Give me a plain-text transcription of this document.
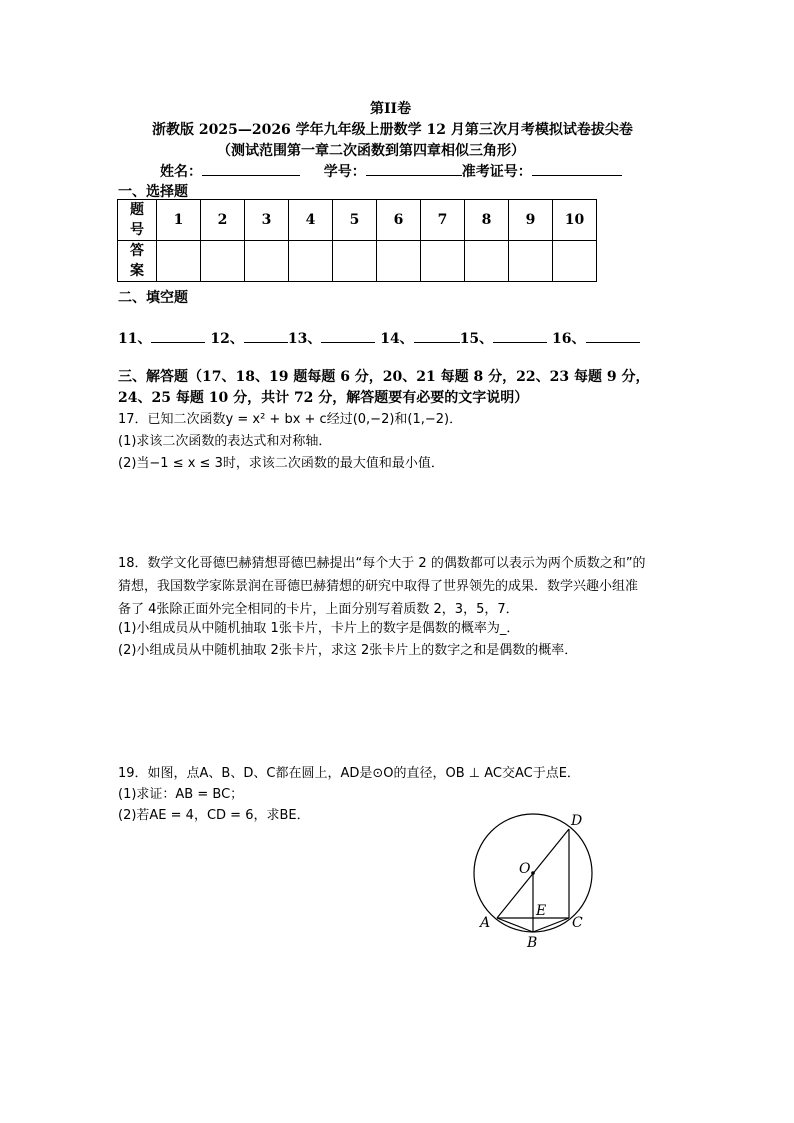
第II卷
浙教版 2025—2026 学年九年级上册数学 12 月第三次月考模拟试卷拔尖卷
（测试范围第一章二次函数到第四章相似三角形）
姓名：	学号：	准考证号：
一、选择题
题
号	1	2	3	4	5	6	7	8	9	10

答
案										

二、填空题
11、	12、	13、	14、	15、	16、
三、解答题（17、18、19 题每题 6 分，20、21 每题 8 分，22、23 每题 9 分，
24、25 每题 10 分，共计 72 分，解答题要有必要的文字说明）
17．已知二次函数y = x² + bx + c经过(0,−2)和(1,−2)．
(1)求该二次函数的表达式和对称轴．
(2)当−1 ≤ x ≤ 3时，求该二次函数的最大值和最小值．
18．数学文化哥德巴赫猜想哥德巴赫提出“每个大于 2 的偶数都可以表示为两个质数之和”的
猜想，我国数学家陈景润在哥德巴赫猜想的研究中取得了世界领先的成果．数学兴趣小组准
备了 4张除正面外完全相同的卡片，上面分别写着质数 2，3，5，7．
(1)小组成员从中随机抽取 1张卡片，卡片上的数字是偶数的概率为_．
(2)小组成员从中随机抽取 2张卡片，求这 2张卡片上的数字之和是偶数的概率．
19．如图，点A、B、D、C都在圆上，AD是⊙O的直径，OB ⊥ AC交AC于点E．
(1)求证：AB = BC；
(2)若AE = 4，CD = 6，求BE．	D
O
E
A
B
C
